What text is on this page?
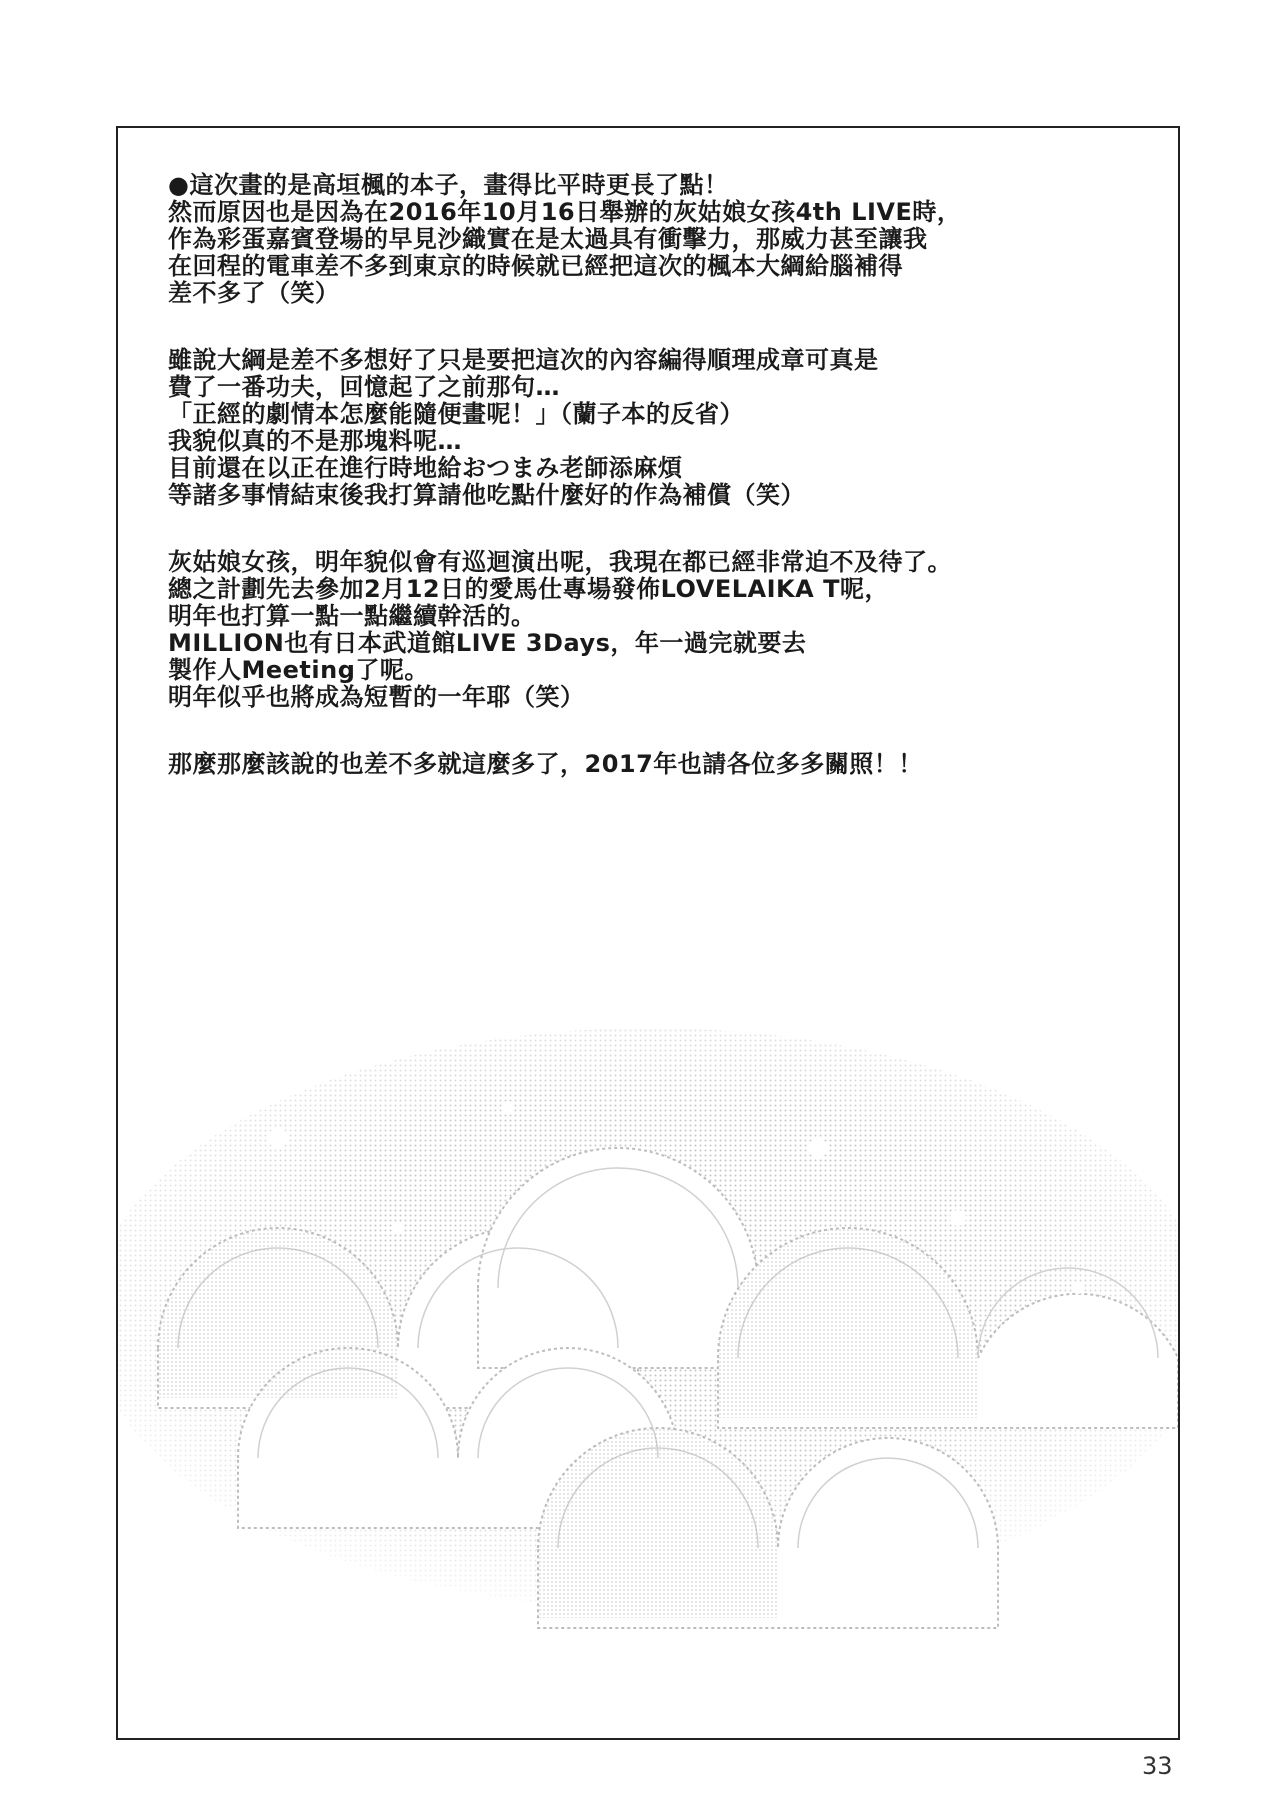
●這次畫的是高垣楓的本子，畫得比平時更長了點！
然而原因也是因為在2016年10月16日舉辦的灰姑娘女孩4th LIVE時，
作為彩蛋嘉賓登場的早見沙織實在是太過具有衝擊力，那威力甚至讓我
在回程的電車差不多到東京的時候就已經把這次的楓本大綱給腦補得
差不多了（笑）
雖說大綱是差不多想好了只是要把這次的內容編得順理成章可真是
費了一番功夫，回憶起了之前那句…
「正經的劇情本怎麼能隨便畫呢！」（蘭子本的反省）
我貌似真的不是那塊料呢…
目前還在以正在進行時地給おつまみ老師添麻煩
等諸多事情結束後我打算請他吃點什麼好的作為補償（笑）
灰姑娘女孩，明年貌似會有巡迴演出呢，我現在都已經非常迫不及待了。
總之計劃先去參加2月12日的愛馬仕專場發佈LOVELAIKA T呢，
明年也打算一點一點繼續幹活的。
MILLION也有日本武道館LIVE 3Days，年一過完就要去
製作人Meeting了呢。
明年似乎也將成為短暫的一年耶（笑）
那麼那麼該說的也差不多就這麼多了，2017年也請各位多多關照！！
33
